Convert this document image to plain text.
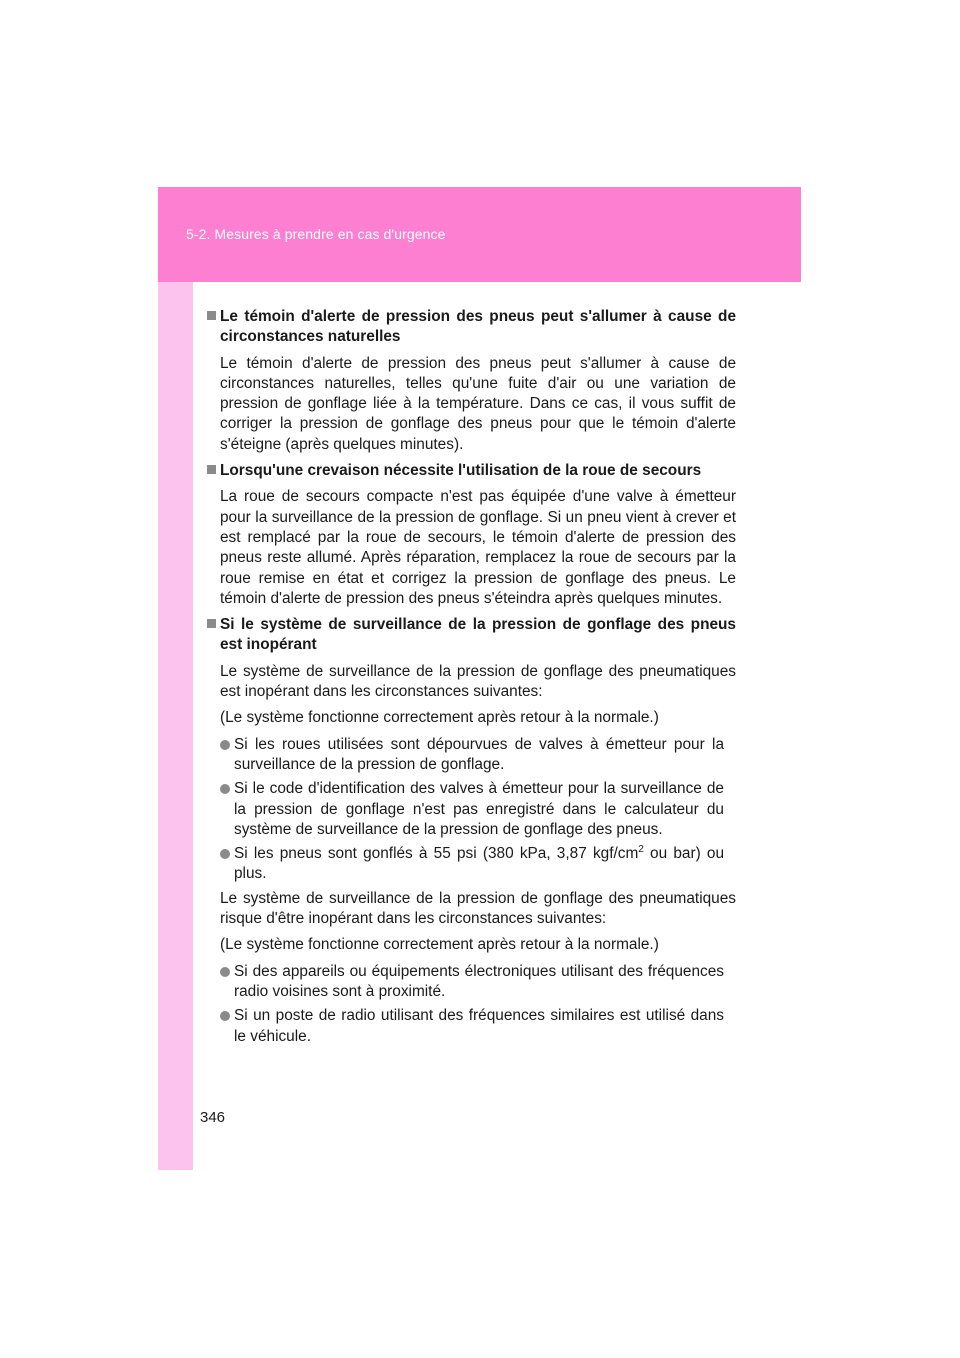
5-2. Mesures à prendre en cas d'urgence
Le témoin d'alerte de pression des pneus peut s'allumer à cause de circonstances naturelles
Le témoin d'alerte de pression des pneus peut s'allumer à cause de circonstances naturelles, telles qu'une fuite d'air ou une variation de pression de gonflage liée à la température. Dans ce cas, il vous suffit de corriger la pression de gonflage des pneus pour que le témoin d'alerte s'éteigne (après quelques minutes).
Lorsqu'une crevaison nécessite l'utilisation de la roue de secours
La roue de secours compacte n'est pas équipée d'une valve à émetteur pour la surveillance de la pression de gonflage. Si un pneu vient à crever et est remplacé par la roue de secours, le témoin d'alerte de pression des pneus reste allumé. Après réparation, remplacez la roue de secours par la roue remise en état et corrigez la pression de gonflage des pneus. Le témoin d'alerte de pression des pneus s'éteindra après quelques minutes.
Si le système de surveillance de la pression de gonflage des pneus est inopérant
Le système de surveillance de la pression de gonflage des pneumatiques est inopérant dans les circonstances suivantes:
(Le système fonctionne correctement après retour à la normale.)
Si les roues utilisées sont dépourvues de valves à émetteur pour la surveillance de la pression de gonflage.
Si le code d'identification des valves à émetteur pour la surveillance de la pression de gonflage n'est pas enregistré dans le calculateur du système de surveillance de la pression de gonflage des pneus.
Si les pneus sont gonflés à 55 psi (380 kPa, 3,87 kgf/$cm^2$ ou bar) ou plus.
Le système de surveillance de la pression de gonflage des pneumatiques risque d'être inopérant dans les circonstances suivantes:
(Le système fonctionne correctement après retour à la normale.)
Si des appareils ou équipements électroniques utilisant des fréquences radio voisines sont à proximité.
Si un poste de radio utilisant des fréquences similaires est utilisé dans le véhicule.
346
